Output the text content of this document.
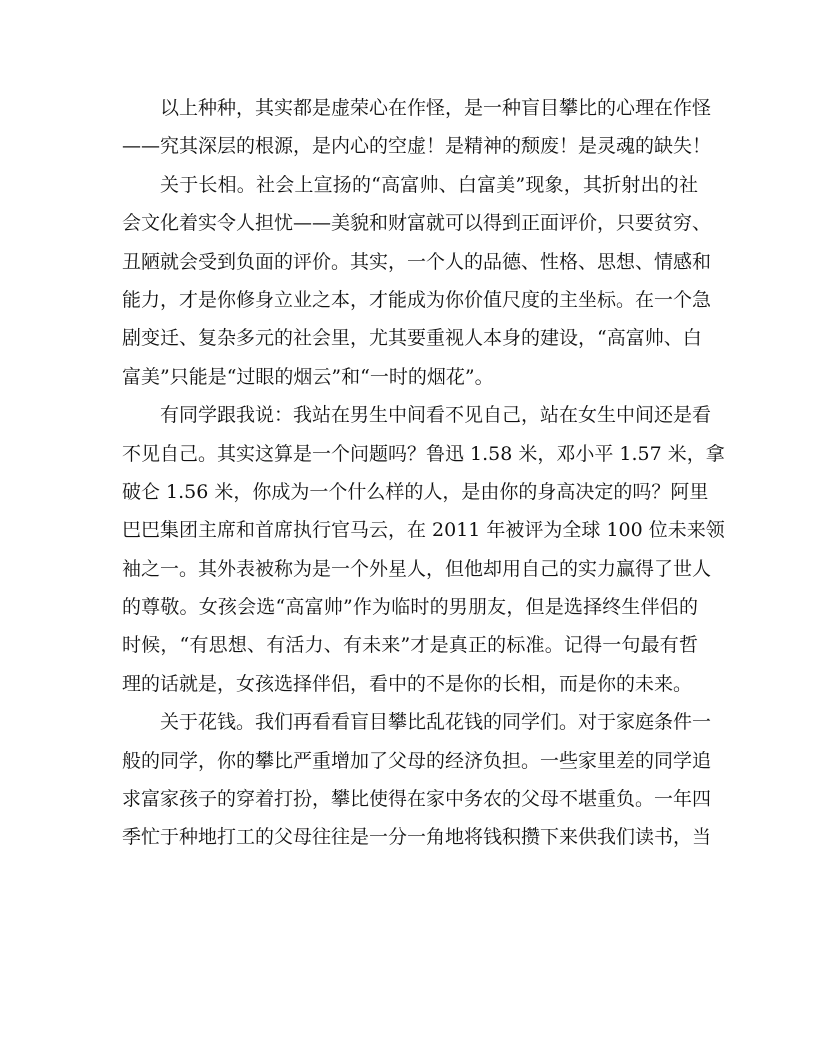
以上种种，其实都是虚荣心在作怪，是一种盲目攀比的心理在作怪
——究其深层的根源，是内心的空虚！是精神的颓废！是灵魂的缺失！
关于长相。社会上宣扬的“高富帅、白富美”现象，其折射出的社
会文化着实令人担忧——美貌和财富就可以得到正面评价，只要贫穷、
丑陋就会受到负面的评价。其实，一个人的品德、性格、思想、情感和
能力，才是你修身立业之本，才能成为你价值尺度的主坐标。在一个急
剧变迁、复杂多元的社会里，尤其要重视人本身的建设，“高富帅、白
富美”只能是“过眼的烟云”和“一时的烟花”。
有同学跟我说：我站在男生中间看不见自己，站在女生中间还是看
不见自己。其实这算是一个问题吗？鲁迅 1.58 米，邓小平 1.57 米，拿
破仑 1.56 米，你成为一个什么样的人，是由你的身高决定的吗？阿里
巴巴集团主席和首席执行官马云，在 2011 年被评为全球 100 位未来领
袖之一。其外表被称为是一个外星人，但他却用自己的实力赢得了世人
的尊敬。女孩会选“高富帅”作为临时的男朋友，但是选择终生伴侣的
时候，“有思想、有活力、有未来”才是真正的标准。记得一句最有哲
理的话就是，女孩选择伴侣，看中的不是你的长相，而是你的未来。
关于花钱。我们再看看盲目攀比乱花钱的同学们。对于家庭条件一
般的同学，你的攀比严重增加了父母的经济负担。一些家里差的同学追
求富家孩子的穿着打扮，攀比使得在家中务农的父母不堪重负。一年四
季忙于种地打工的父母往往是一分一角地将钱积攒下来供我们读书，当
